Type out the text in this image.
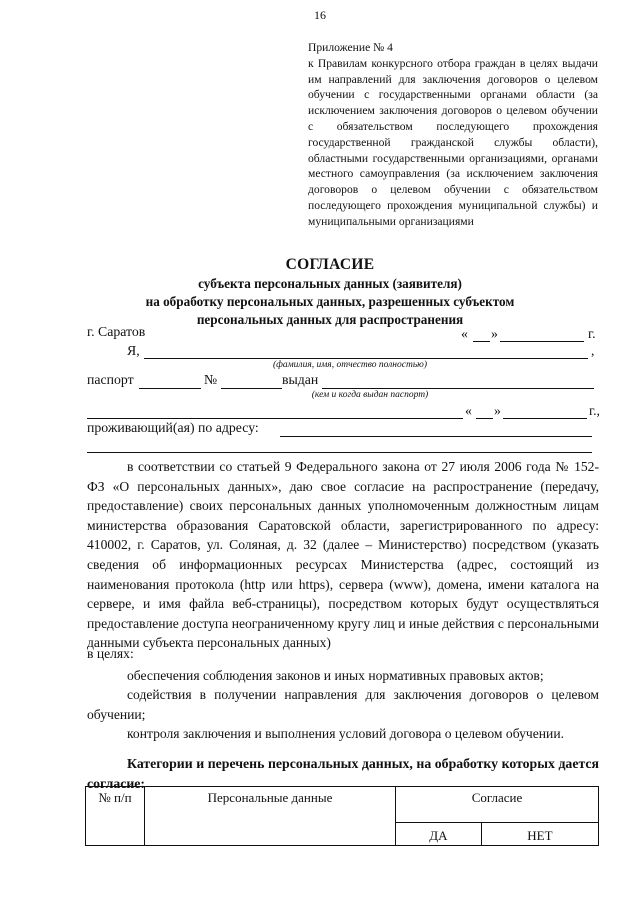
16
Приложение № 4
к Правилам конкурсного отбора граждан в целях выдачи им направлений для заключения договоров о целевом обучении с государственными органами области (за исключением заключения договоров о целевом обучении с обязательством последующего прохождения государственной гражданской службы области), областными государственными организациями, органами местного самоуправления (за исключением заключения договоров о целевом обучении с обязательством последующего прохождения муниципальной службы) и муниципальными организациями
СОГЛАСИЕ
субъекта персональных данных (заявителя)
на обработку персональных данных, разрешенных субъектом
персональных данных для распространения
г. Саратов	« »	г.
Я,	,
(фамилия, имя, отчество полностью)
паспорт	№	выдан
(кем и когда выдан паспорт)
« »	г.,
проживающий(ая) по адресу:
в соответствии со статьей 9 Федерального закона от 27 июля 2006 года № 152-ФЗ «О персональных данных», даю свое согласие на распространение (передачу, предоставление) своих персональных данных уполномоченным должностным лицам министерства образования Саратовской области, зарегистрированного по адресу: 410002, г. Саратов, ул. Соляная, д. 32 (далее – Министерство) посредством (указать сведения об информационных ресурсах Министерства (адрес, состоящий из наименования протокола (http или https), сервера (www), домена, имени каталога на сервере, и имя файла веб-страницы), посредством которых будут осуществляться предоставление доступа неограниченному кругу лиц и иные действия с персональными данными субъекта персональных данных)
в целях:
обеспечения соблюдения законов и иных нормативных правовых актов;
содействия в получении направления для заключения договоров о целевом обучении;
контроля заключения и выполнения условий договора о целевом обучении.
Категории и перечень персональных данных, на обработку которых дается согласие:
№ п/п	Персональные данные	Согласие	

		ДА	НЕТ
